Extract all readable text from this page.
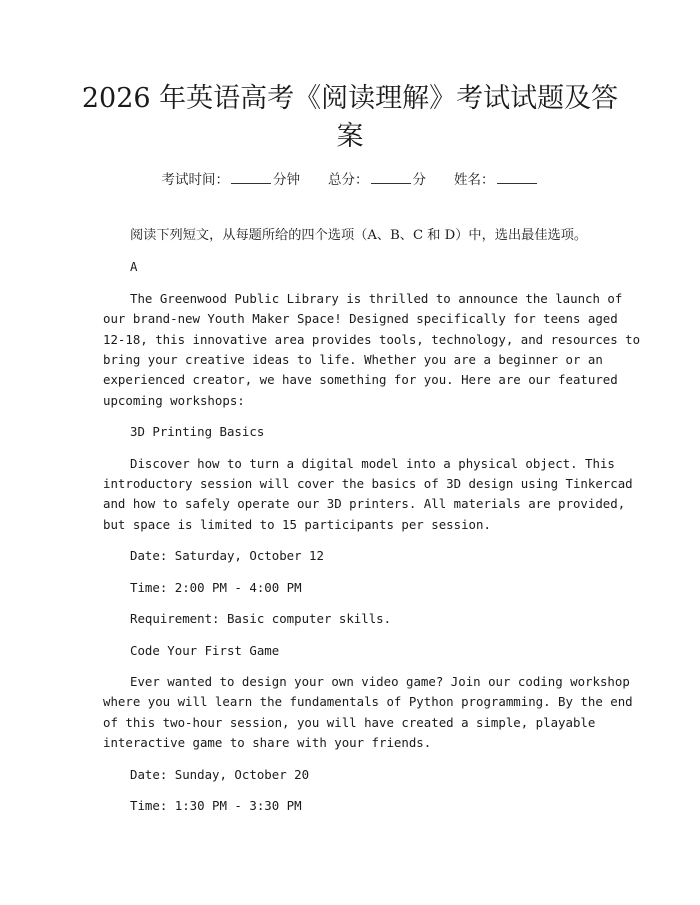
2026 年英语高考《阅读理解》考试试题及答
案
考试时间：	分钟 总分：	分 姓名：

阅读下列短文，从每题所给的四个选项（A、B、C 和 D）中，选出最佳选项。

A

The Greenwood Public Library is thrilled to announce the launch of
our brand-new Youth Maker Space! Designed specifically for teens aged
12-18, this innovative area provides tools, technology, and resources to
bring your creative ideas to life. Whether you are a beginner or an
experienced creator, we have something for you. Here are our featured
upcoming workshops:

3D Printing Basics

Discover how to turn a digital model into a physical object. This
introductory session will cover the basics of 3D design using Tinkercad
and how to safely operate our 3D printers. All materials are provided,
but space is limited to 15 participants per session.

Date: Saturday, October 12

Time: 2:00 PM - 4:00 PM

Requirement: Basic computer skills.

Code Your First Game

Ever wanted to design your own video game? Join our coding workshop
where you will learn the fundamentals of Python programming. By the end
of this two-hour session, you will have created a simple, playable
interactive game to share with your friends.

Date: Sunday, October 20

Time: 1:30 PM - 3:30 PM
